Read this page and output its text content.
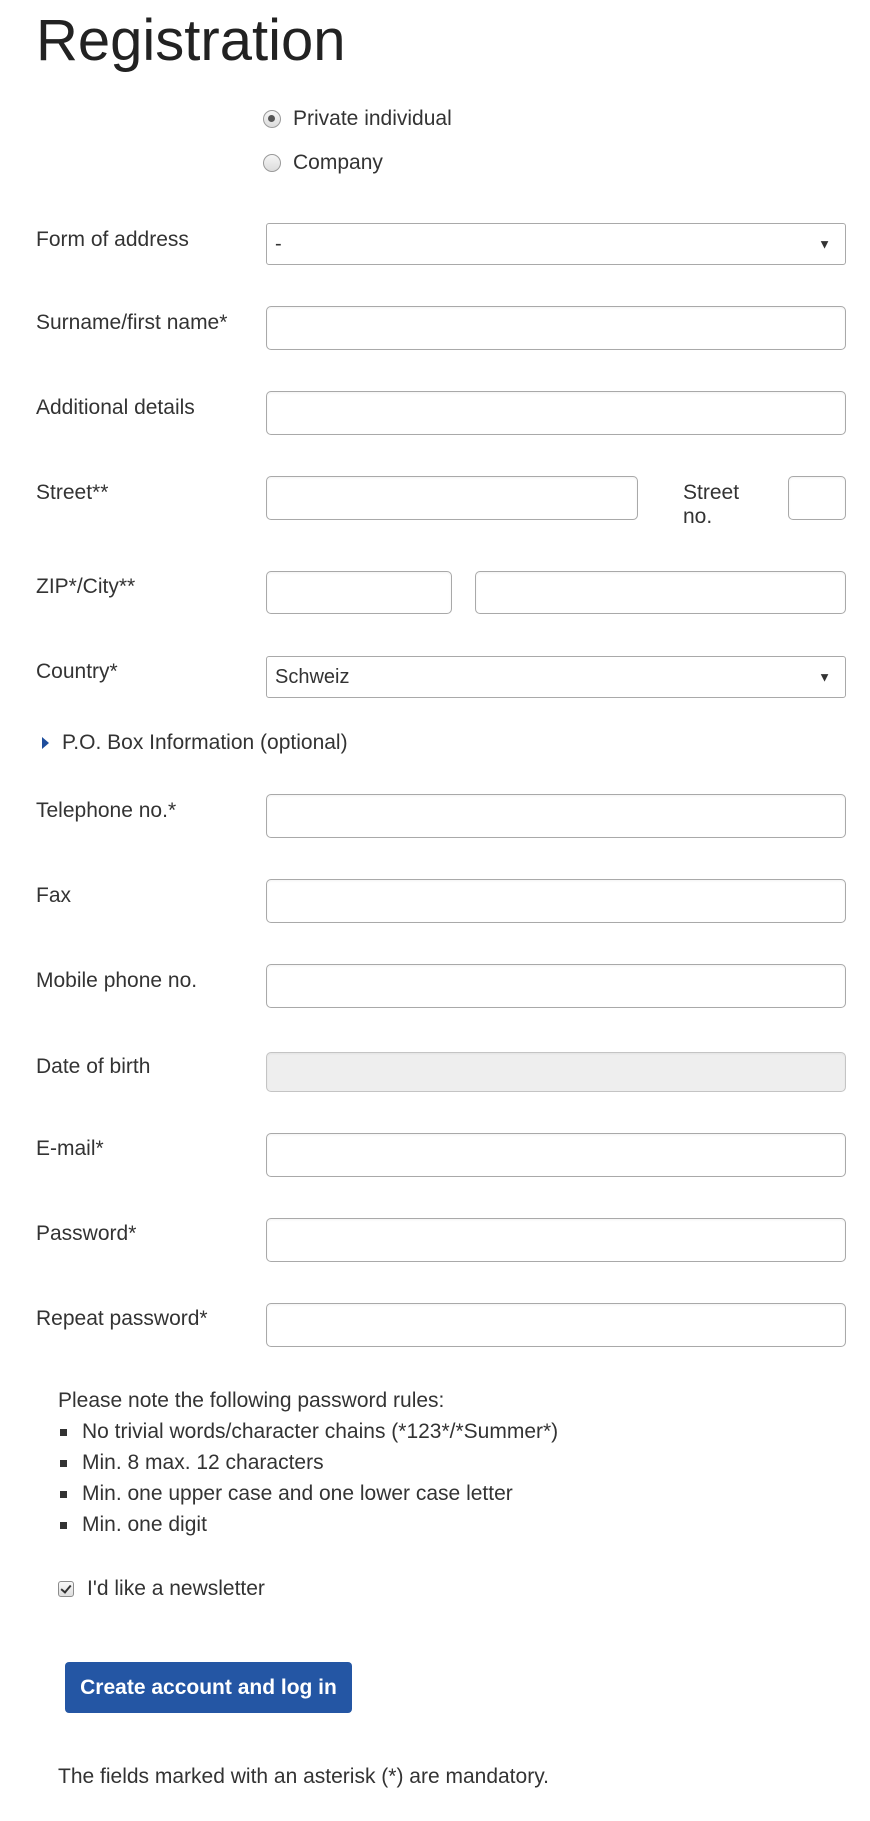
Registration
Private individual
Company
Form of address	-	▼
Surname/first name*
Additional details
Street**	Street
no.
ZIP*/City**
Country*	Schweiz	▼
P.O. Box Information (optional)
Telephone no.*
Fax
Mobile phone no.
Date of birth
E-mail*
Password*
Repeat password*
Please note the following password rules:
No trivial words/character chains (*123*/*Summer*)
Min. 8 max. 12 characters
Min. one upper case and one lower case letter
Min. one digit
I'd like a newsletter
Create account and log in
The fields marked with an asterisk (*) are mandatory.
